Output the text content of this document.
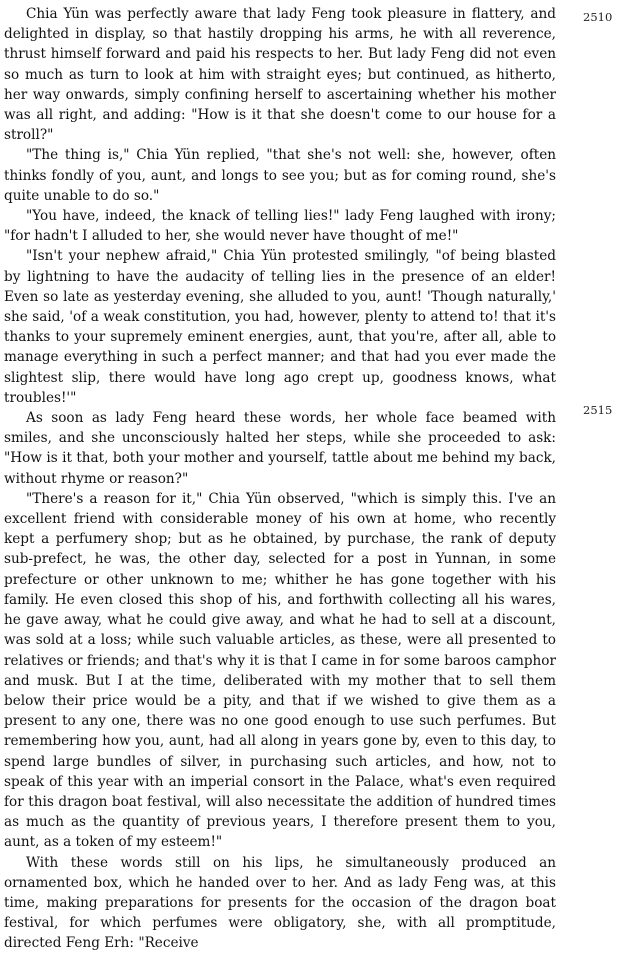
Chia Yün was perfectly aware that lady Feng took pleasure in flattery, and delighted in display, so that hastily dropping his arms, he with all reverence, thrust himself forward and paid his respects to her. But lady Feng did not even so much as turn to look at him with straight eyes; but continued, as hitherto, her way onwards, simply confining herself to ascertaining whether his mother was all right, and adding: "How is it that she doesn't come to our house for a stroll?"

"The thing is," Chia Yün replied, "that she's not well: she, however, often thinks fondly of you, aunt, and longs to see you; but as for coming round, she's quite unable to do so."

"You have, indeed, the knack of telling lies!" lady Feng laughed with irony; "for hadn't I alluded to her, she would never have thought of me!"

"Isn't your nephew afraid," Chia Yün protested smilingly, "of being blasted by lightning to have the audacity of telling lies in the presence of an elder! Even so late as yesterday evening, she alluded to you, aunt! 'Though naturally,' she said, 'of a weak constitution, you had, however, plenty to attend to! that it's thanks to your supremely eminent energies, aunt, that you're, after all, able to manage everything in such a perfect manner; and that had you ever made the slightest slip, there would have long ago crept up, goodness knows, what troubles!'"

As soon as lady Feng heard these words, her whole face beamed with smiles, and she unconsciously halted her steps, while she proceeded to ask: "How is it that, both your mother and yourself, tattle about me behind my back, without rhyme or reason?"

"There's a reason for it," Chia Yün observed, "which is simply this. I've an excellent friend with considerable money of his own at home, who recently kept a perfumery shop; but as he obtained, by purchase, the rank of deputy sub-prefect, he was, the other day, selected for a post in Yunnan, in some prefecture or other unknown to me; whither he has gone together with his family. He even closed this shop of his, and forthwith collecting all his wares, he gave away, what he could give away, and what he had to sell at a discount, was sold at a loss; while such valuable articles, as these, were all presented to relatives or friends; and that's why it is that I came in for some baroos camphor and musk. But I at the time, deliberated with my mother that to sell them below their price would be a pity, and that if we wished to give them as a present to any one, there was no one good enough to use such perfumes. But remembering how you, aunt, had all along in years gone by, even to this day, to spend large bundles of silver, in purchasing such articles, and how, not to speak of this year with an imperial consort in the Palace, what's even required for this dragon boat festival, will also necessitate the addition of hundred times as much as the quantity of previous years, I therefore present them to you, aunt, as a token of my esteem!"

With these words still on his lips, he simultaneously produced an ornamented box, which he handed over to her. And as lady Feng was, at this time, making preparations for presents for the occasion of the dragon boat festival, for which perfumes were obligatory, she, with all promptitude, directed Feng Erh: "Receive

2510
2515
